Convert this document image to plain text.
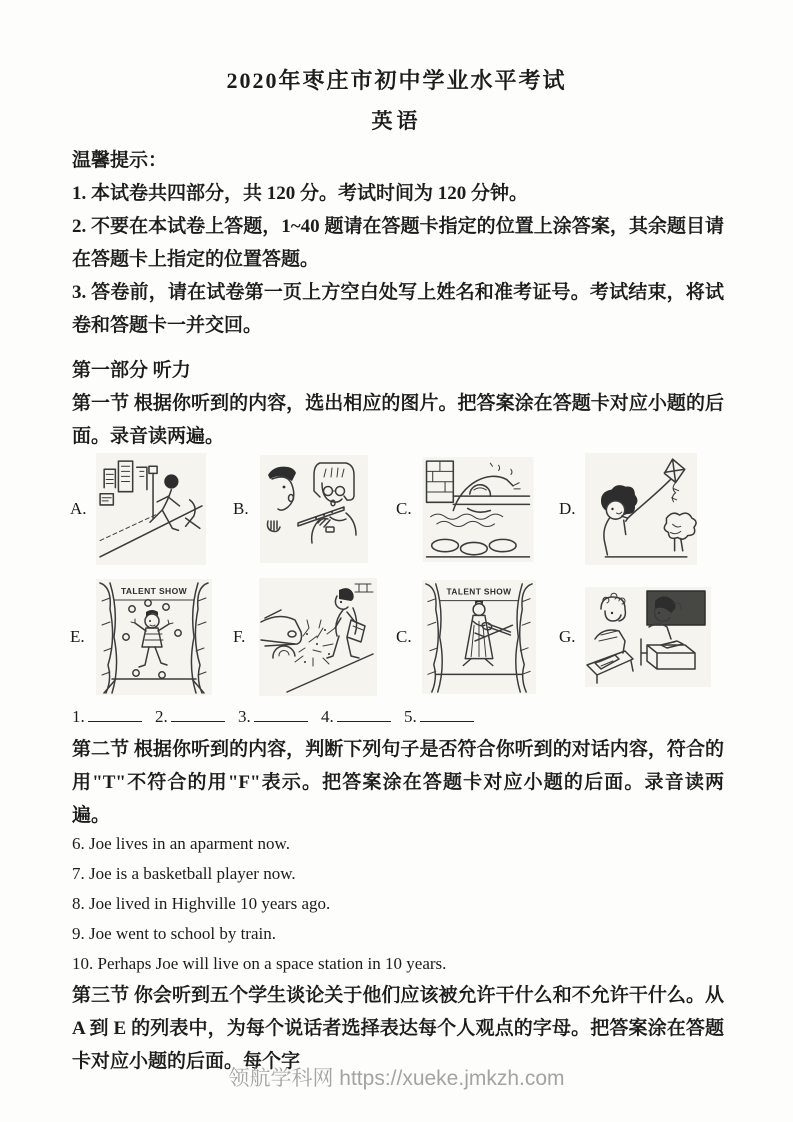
2020年枣庄市初中学业水平考试
英语

温馨提示：

1. 本试卷共四部分，共 120 分。考试时间为 120 分钟。

2. 不要在本试卷上答题，1~40 题请在答题卡指定的位置上涂答案，其余题目请在答题卡上指定的位置答题。

3. 答卷前，请在试卷第一页上方空白处写上姓名和准考证号。考试结束，将试卷和答题卡一并交回。

第一部分 听力

第一节 根据你听到的内容，选出相应的图片。把答案涂在答题卡对应小题的后面。录音读两遍。

A.	B.	C.	D.
E.
TALENT SHOW
F.	C.
TALENT SHOW
G.
1.	2.	3.	4.	5.

第二节 根据你听到的内容，判断下列句子是否符合你听到的对话内容，符合的用"T"不符合的用"F"表示。把答案涂在答题卡对应小题的后面。录音读两遍。

6. Joe lives in an aparment now.

7. Joe is a basketball player now.

8. Joe lived in Highville 10 years ago.

9. Joe went to school by train.

10. Perhaps Joe will live on a space station in 10 years.

第三节 你会听到五个学生谈论关于他们应该被允许干什么和不允许干什么。从 A 到 E 的列表中，为每个说话者选择表达每个人观点的字母。把答案涂在答题卡对应小题的后面。每个字

领航学科网 https://xueke.jmkzh.com
